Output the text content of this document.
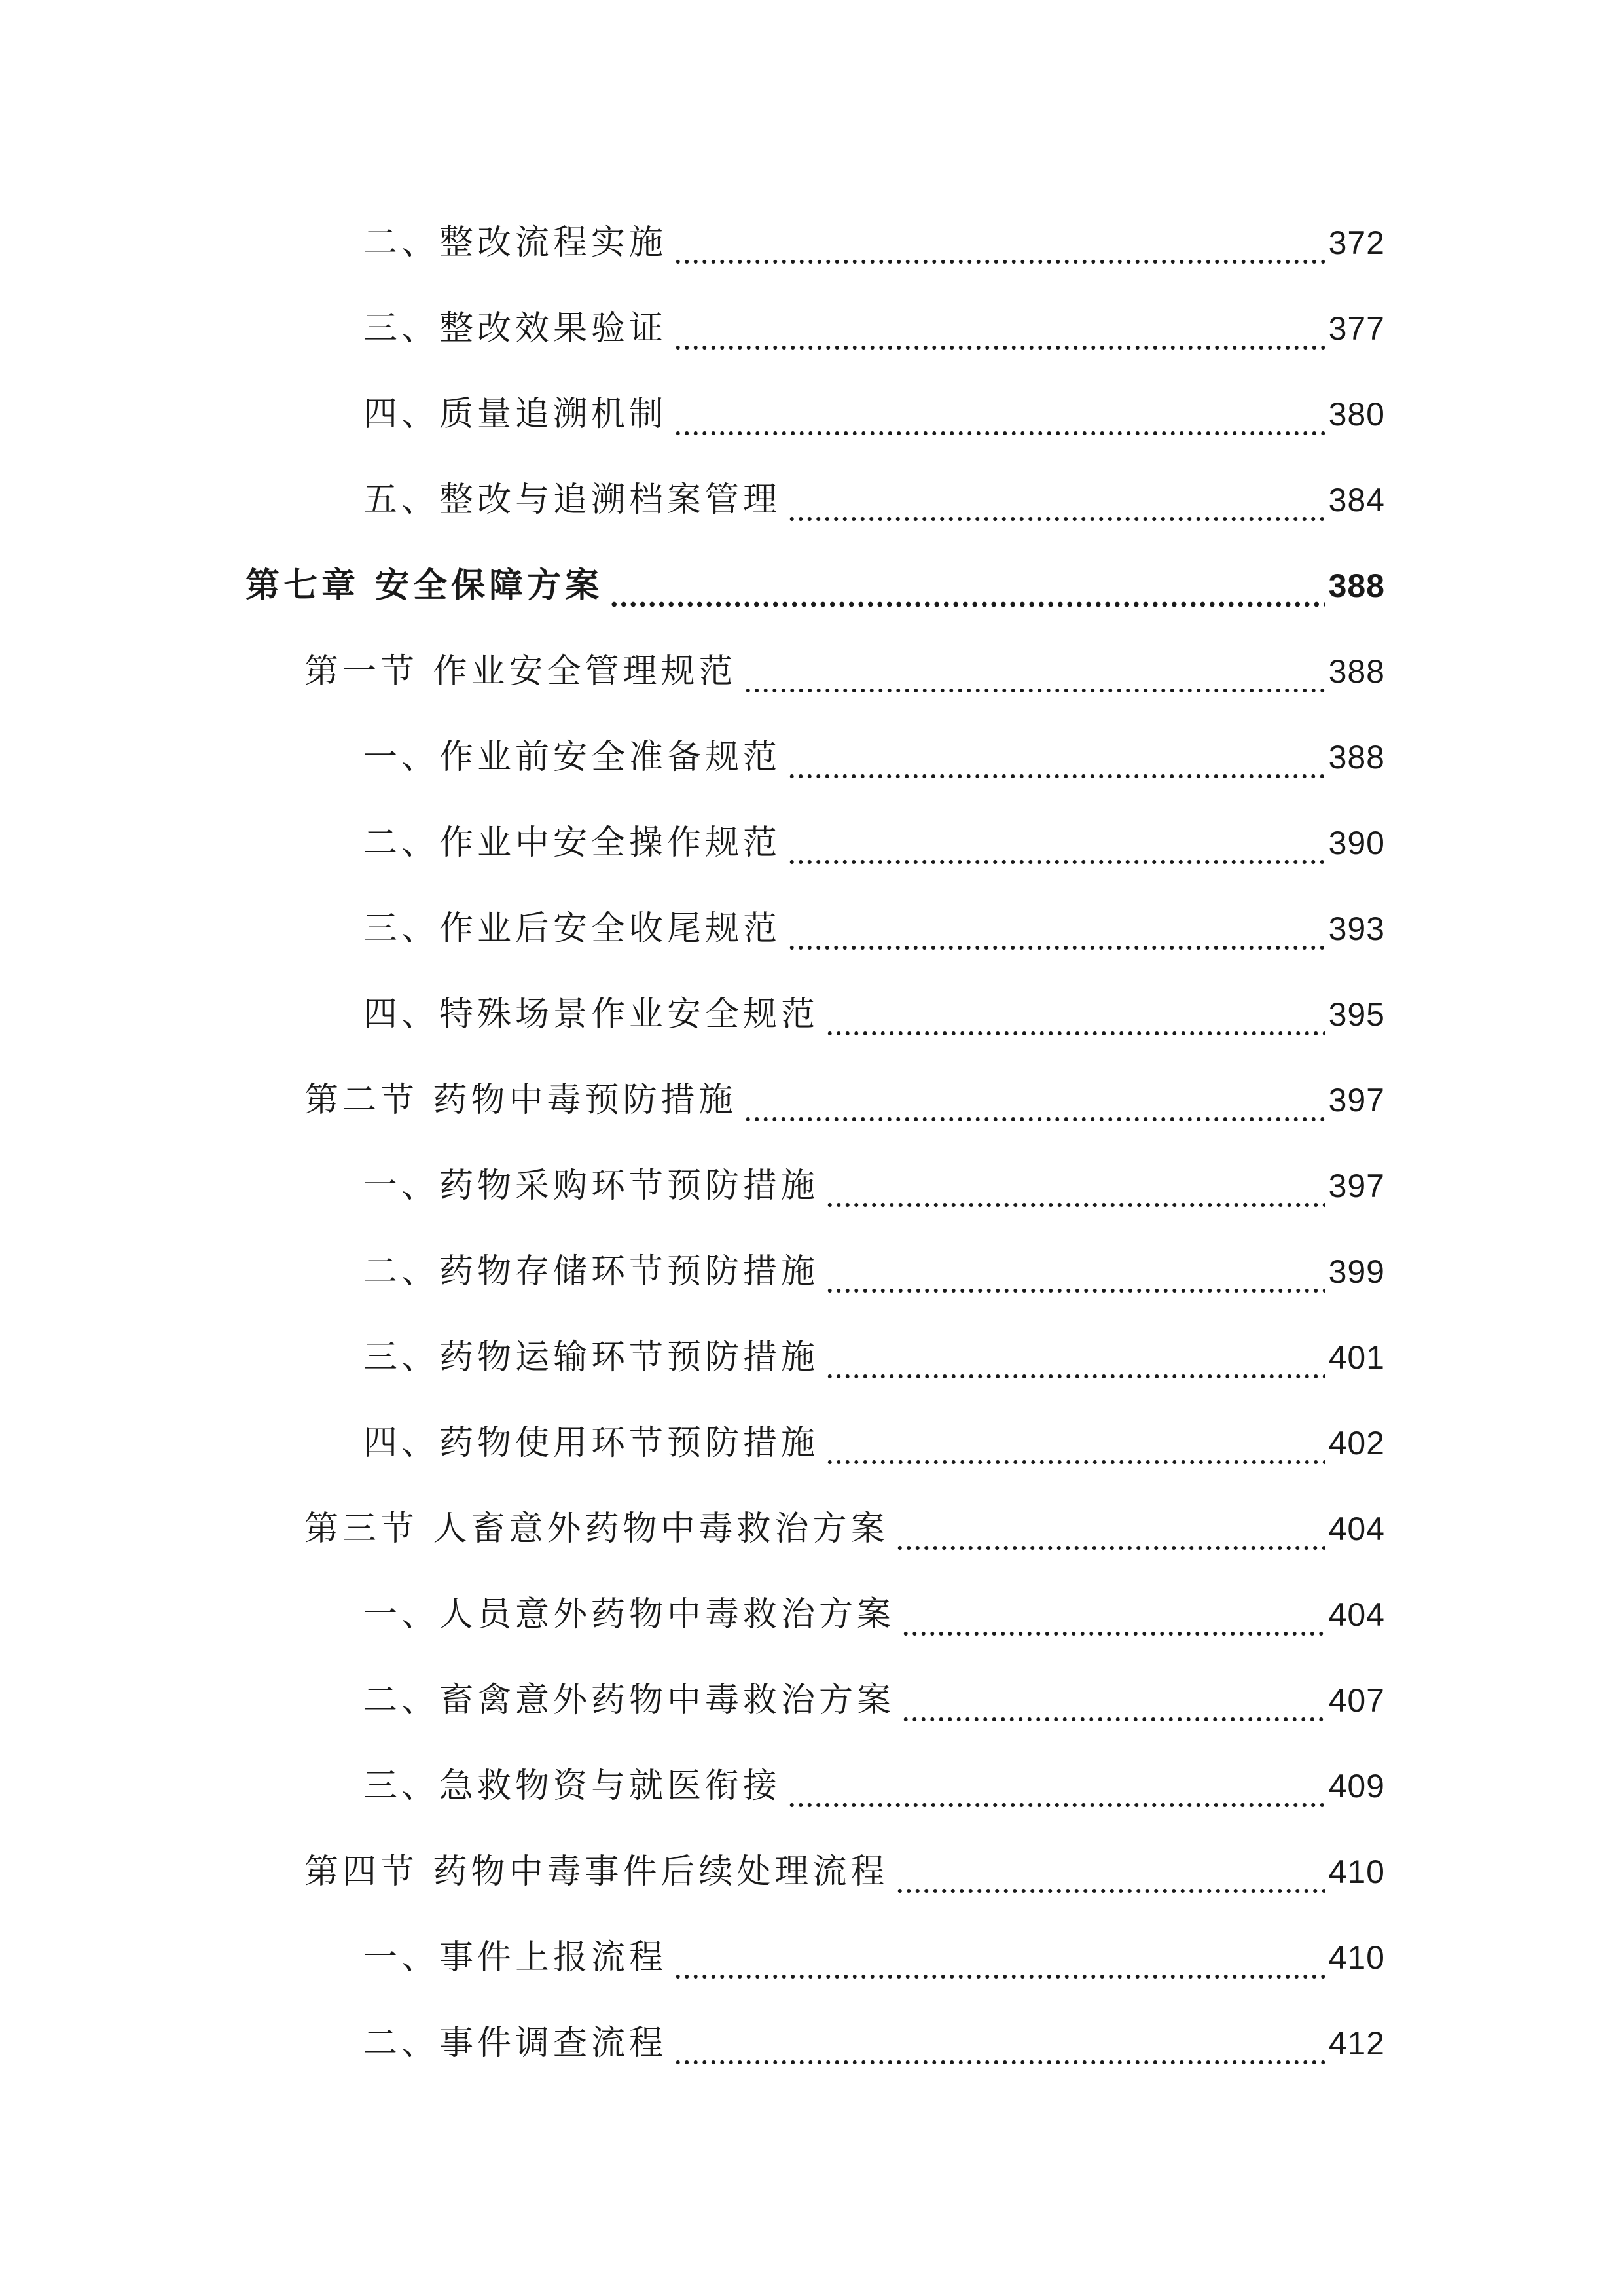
二、整改流程实施	372
三、整改效果验证	377
四、质量追溯机制	380
五、整改与追溯档案管理	384
第七章 安全保障方案	388
第一节 作业安全管理规范	388
一、作业前安全准备规范	388
二、作业中安全操作规范	390
三、作业后安全收尾规范	393
四、特殊场景作业安全规范	395
第二节 药物中毒预防措施	397
一、药物采购环节预防措施	397
二、药物存储环节预防措施	399
三、药物运输环节预防措施	401
四、药物使用环节预防措施	402
第三节 人畜意外药物中毒救治方案	404
一、人员意外药物中毒救治方案	404
二、畜禽意外药物中毒救治方案	407
三、急救物资与就医衔接	409
第四节 药物中毒事件后续处理流程	410
一、事件上报流程	410
二、事件调查流程	412
